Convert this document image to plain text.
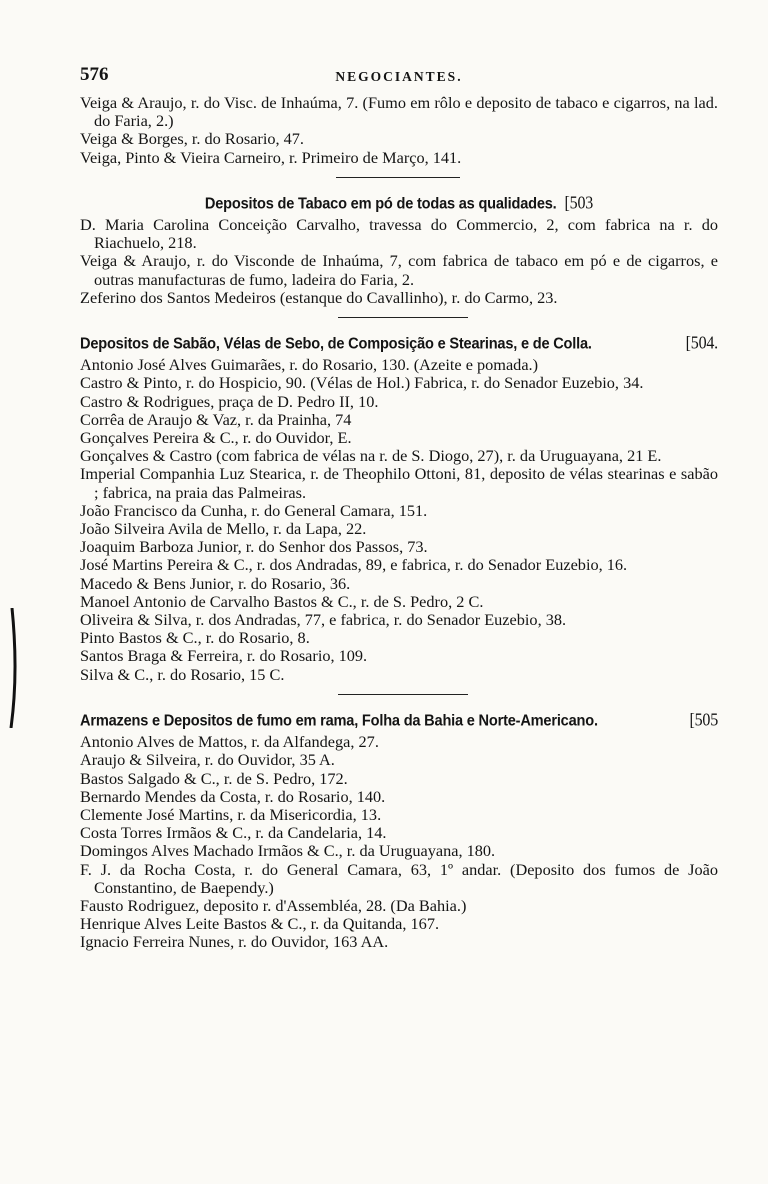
576	NEGOCIANTES.

Veiga & Araujo, r. do Visc. de Inhaúma, 7. (Fumo em rôlo e deposito de tabaco e cigarros, na lad. do Faria, 2.)

Veiga & Borges, r. do Rosario, 47.

Veiga, Pinto & Vieira Carneiro, r. Primeiro de Março, 141.

Depositos de Tabaco em pó de todas as qualidades. [503

D. Maria Carolina Conceição Carvalho, travessa do Commercio, 2, com fabrica na r. do Riachuelo, 218.

Veiga & Araujo, r. do Visconde de Inhaúma, 7, com fabrica de tabaco em pó e de cigarros, e outras manufacturas de fumo, ladeira do Faria, 2.

Zeferino dos Santos Medeiros (estanque do Cavallinho), r. do Carmo, 23.

Depositos de Sabão, Vélas de Sebo, de Composição e Stearinas, e de Colla.	[504.

Antonio José Alves Guimarães, r. do Rosario, 130. (Azeite e pomada.)

Castro & Pinto, r. do Hospicio, 90. (Vélas de Hol.) Fabrica, r. do Senador Euzebio, 34.

Castro & Rodrigues, praça de D. Pedro II, 10.

Corrêa de Araujo & Vaz, r. da Prainha, 74

Gonçalves Pereira & C., r. do Ouvidor, E.

Gonçalves & Castro (com fabrica de vélas na r. de S. Diogo, 27), r. da Uruguayana, 21 E.

Imperial Companhia Luz Stearica, r. de Theophilo Ottoni, 81, deposito de vélas stearinas e sabão ; fabrica, na praia das Palmeiras.

João Francisco da Cunha, r. do General Camara, 151.

João Silveira Avila de Mello, r. da Lapa, 22.

Joaquim Barboza Junior, r. do Senhor dos Passos, 73.

José Martins Pereira & C., r. dos Andradas, 89, e fabrica, r. do Senador Euzebio, 16.

Macedo & Bens Junior, r. do Rosario, 36.

Manoel Antonio de Carvalho Bastos & C., r. de S. Pedro, 2 C.

Oliveira & Silva, r. dos Andradas, 77, e fabrica, r. do Senador Euzebio, 38.

Pinto Bastos & C., r. do Rosario, 8.

Santos Braga & Ferreira, r. do Rosario, 109.

Silva & C., r. do Rosario, 15 C.

Armazens e Depositos de fumo em rama, Folha da Bahia e Norte-Americano.	[505

Antonio Alves de Mattos, r. da Alfandega, 27.

Araujo & Silveira, r. do Ouvidor, 35 A.

Bastos Salgado & C., r. de S. Pedro, 172.

Bernardo Mendes da Costa, r. do Rosario, 140.

Clemente José Martins, r. da Misericordia, 13.

Costa Torres Irmãos & C., r. da Candelaria, 14.

Domingos Alves Machado Irmãos & C., r. da Uruguayana, 180.

F. J. da Rocha Costa, r. do General Camara, 63, 1º andar. (Deposito dos fumos de João Constantino, de Baependy.)

Fausto Rodriguez, deposito r. d'Assembléa, 28. (Da Bahia.)

Henrique Alves Leite Bastos & C., r. da Quitanda, 167.

Ignacio Ferreira Nunes, r. do Ouvidor, 163 AA.
